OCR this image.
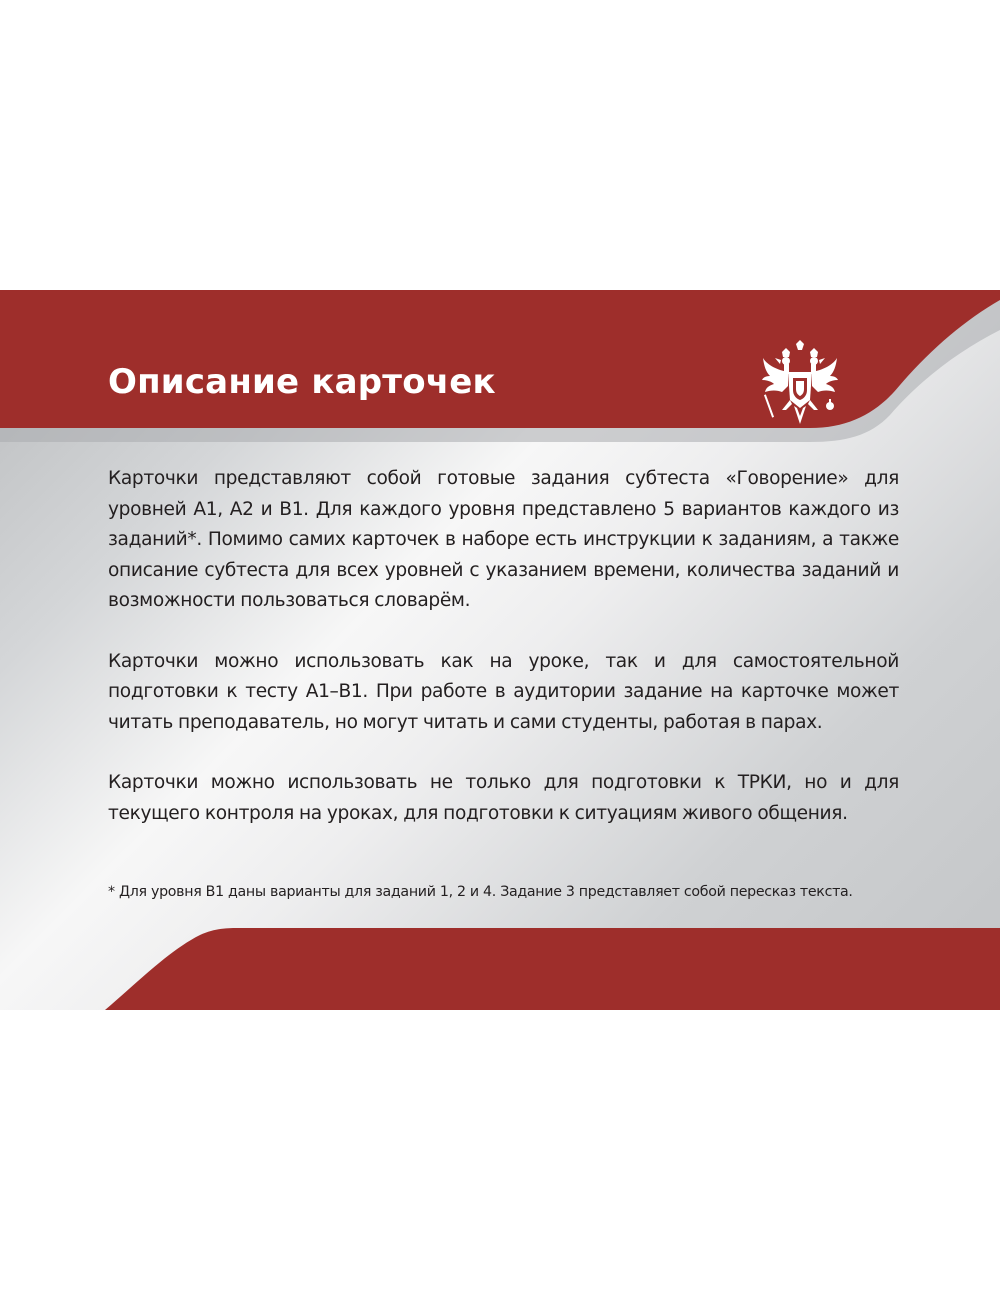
Описание карточек

Карточки представляют собой готовые задания субтеста «Говорение» для уровней А1, А2 и В1. Для каждого уровня представлено 5 вариантов каждого из заданий*. Помимо самих карточек в наборе есть инструкции к заданиям, а также описание субтеста для всех уровней с указанием времени, количества заданий и возможности пользоваться словарём.

Карточки можно использовать как на уроке, так и для самостоятельной подготовки к тесту А1–В1. При работе в аудитории задание на карточке может читать преподаватель, но могут читать и сами студенты, работая в парах.

Карточки можно использовать не только для подготовки к ТРКИ, но и для текущего контроля на уроках, для подготовки к ситуациям живого общения.

* Для уровня В1 даны варианты для заданий 1, 2 и 4. Задание 3 представляет собой пересказ текста.
